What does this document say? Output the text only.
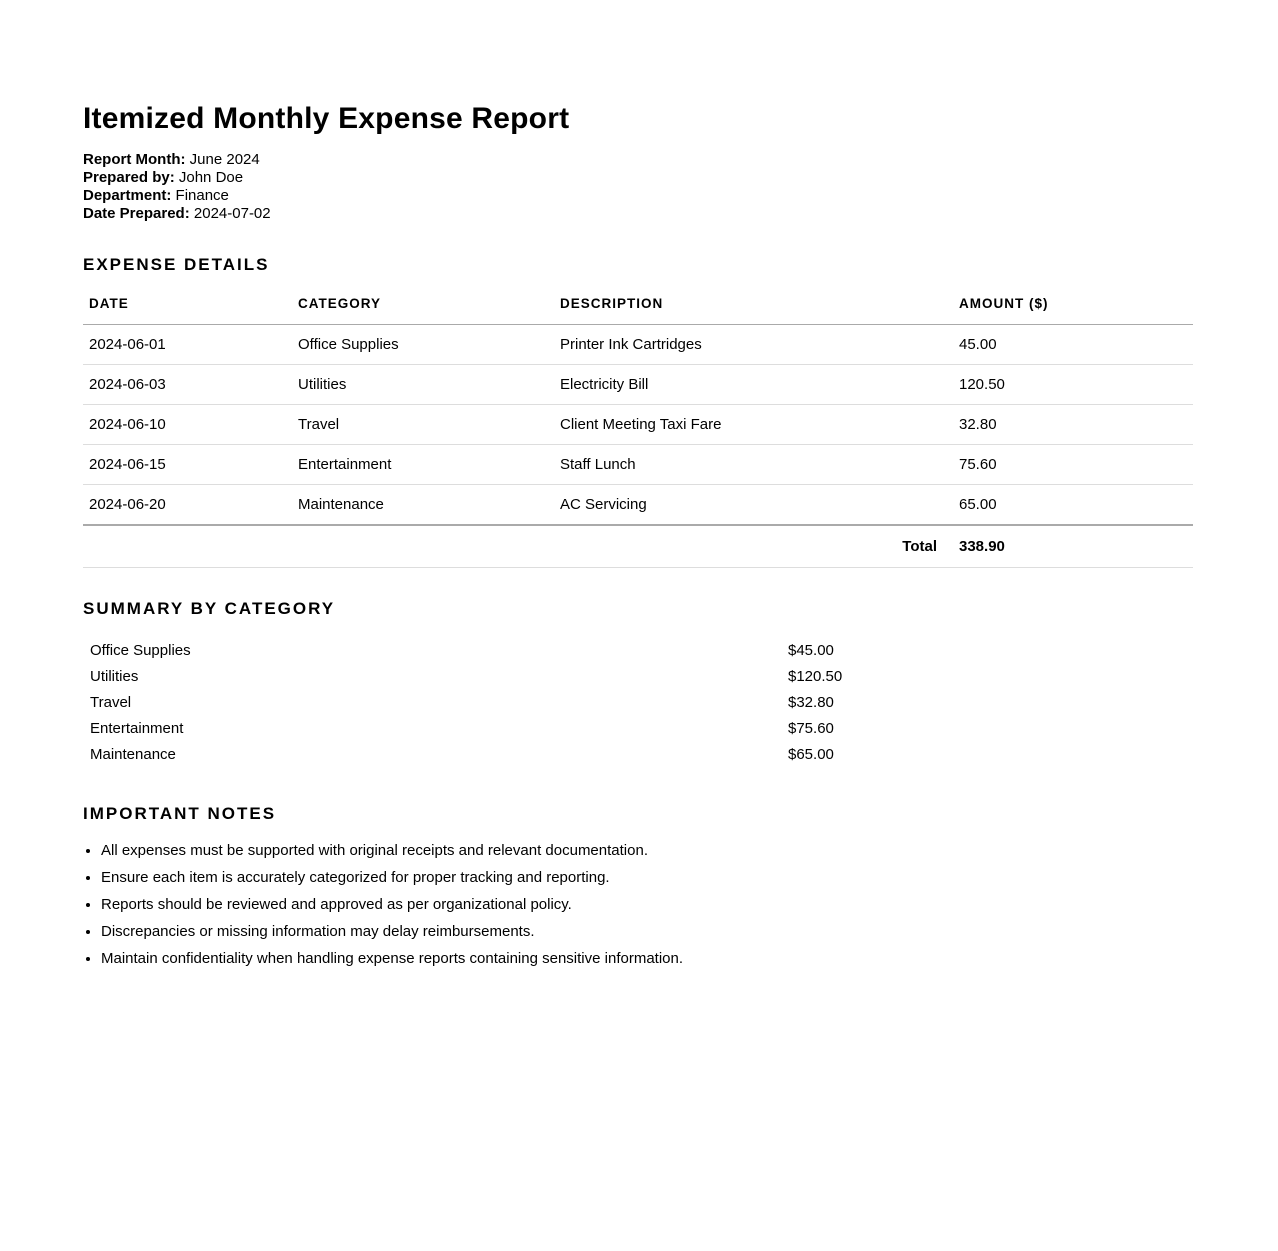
Itemized Monthly Expense Report
Report Month: June 2024
Prepared by: John Doe
Department: Finance
Date Prepared: 2024-07-02
EXPENSE DETAILS
DATE	CATEGORY	DESCRIPTION	AMOUNT ($)
2024-06-01	Office Supplies	Printer Ink Cartridges	45.00
2024-06-03	Utilities	Electricity Bill	120.50
2024-06-10	Travel	Client Meeting Taxi Fare	32.80
2024-06-15	Entertainment	Staff Lunch	75.60
2024-06-20	Maintenance	AC Servicing	65.00
Total			338.90
SUMMARY BY CATEGORY
Office Supplies	$45.00
Utilities	$120.50
Travel	$32.80
Entertainment	$75.60
Maintenance	$65.00
IMPORTANT NOTES
• All expenses must be supported with original receipts and relevant documentation.
• Ensure each item is accurately categorized for proper tracking and reporting.
• Reports should be reviewed and approved as per organizational policy.
• Discrepancies or missing information may delay reimbursements.
• Maintain confidentiality when handling expense reports containing sensitive information.
